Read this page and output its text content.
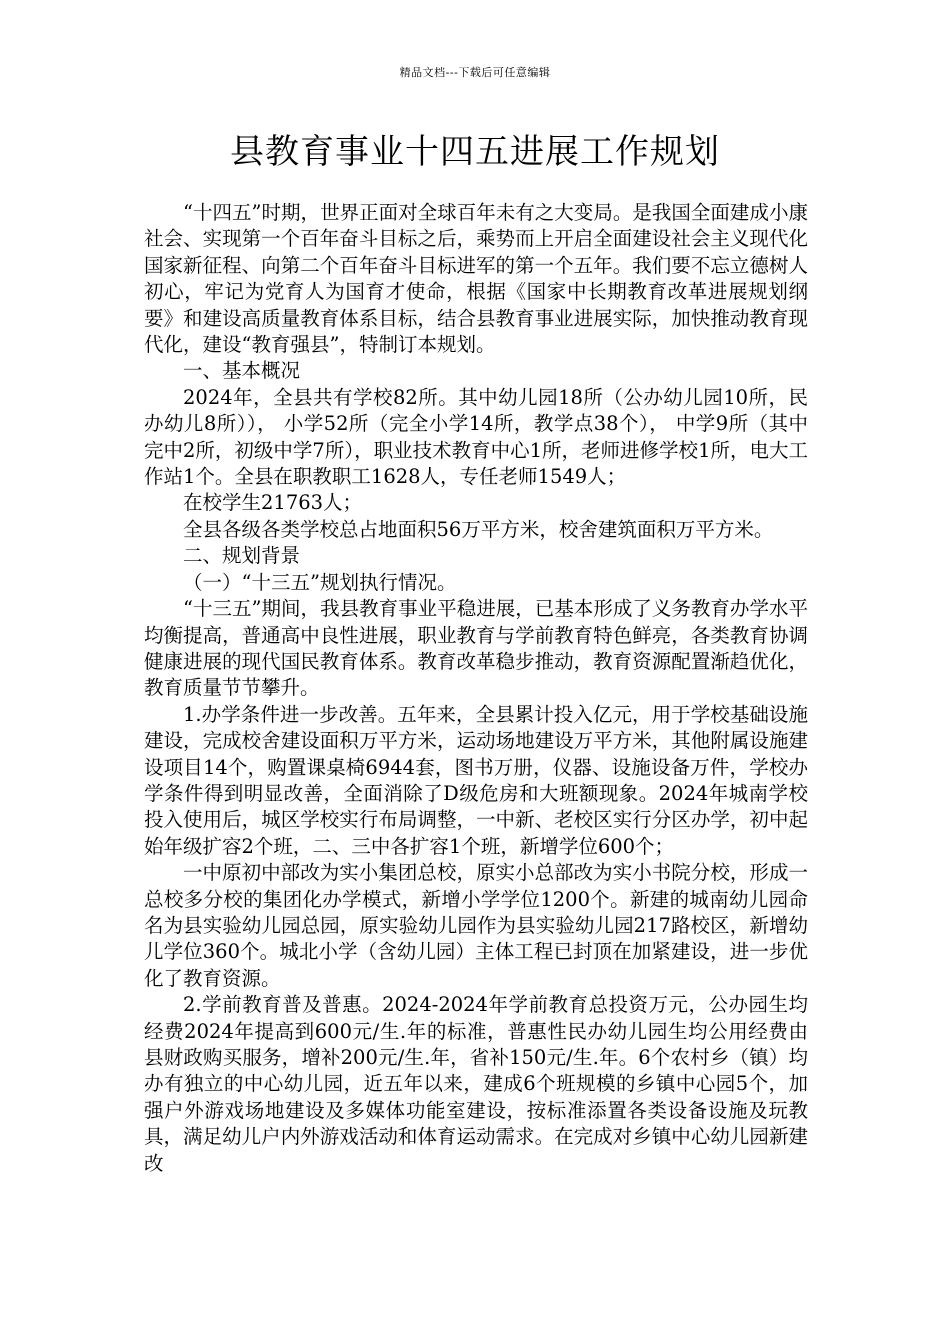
精品文档---下载后可任意编辑
县教育事业十四五进展工作规划

“十四五”时期，世界正面对全球百年未有之大变局。是我国全面建成小康社会、实现第一个百年奋斗目标之后，乘势而上开启全面建设社会主义现代化国家新征程、向第二个百年奋斗目标进军的第一个五年。我们要不忘立德树人初心，牢记为党育人为国育才使命，根据《国家中长期教育改革进展规划纲要》和建设高质量教育体系目标，结合县教育事业进展实际，加快推动教育现代化，建设“教育强县”，特制订本规划。

一、基本概况

2024年，全县共有学校82所。其中幼儿园18所（公办幼儿园10所，民办幼儿8所））， 小学52所（完全小学14所，教学点38个）， 中学9所（其中完中2所，初级中学7所），职业技术教育中心1所，老师进修学校1所，电大工作站1个。全县在职教职工1628人，专任老师1549人；

在校学生21763人；

全县各级各类学校总占地面积56万平方米，校舍建筑面积万平方米。

二、规划背景

（一）“十三五”规划执行情况。

“十三五”期间，我县教育事业平稳进展，已基本形成了义务教育办学水平均衡提高，普通高中良性进展，职业教育与学前教育特色鲜亮，各类教育协调健康进展的现代国民教育体系。教育改革稳步推动，教育资源配置渐趋优化，教育质量节节攀升。

1.办学条件进一步改善。五年来，全县累计投入亿元，用于学校基础设施建设，完成校舍建设面积万平方米，运动场地建设万平方米，其他附属设施建设项目14个，购置课桌椅6944套，图书万册，仪器、设施设备万件，学校办学条件得到明显改善，全面消除了D级危房和大班额现象。2024年城南学校投入使用后，城区学校实行布局调整，一中新、老校区实行分区办学，初中起始年级扩容2个班，二、三中各扩容1个班，新增学位600个；

一中原初中部改为实小集团总校，原实小总部改为实小书院分校，形成一总校多分校的集团化办学模式，新增小学学位1200个。新建的城南幼儿园命名为县实验幼儿园总园，原实验幼儿园作为县实验幼儿园217路校区，新增幼儿学位360个。城北小学（含幼儿园）主体工程已封顶在加紧建设，进一步优化了教育资源。

2.学前教育普及普惠。2024-2024年学前教育总投资万元，公办园生均经费2024年提高到600元/生.年的标准，普惠性民办幼儿园生均公用经费由县财政购买服务，增补200元/生.年，省补150元/生.年。6个农村乡（镇）均办有独立的中心幼儿园，近五年以来，建成6个班规模的乡镇中心园5个，加强户外游戏场地建设及多媒体功能室建设，按标准添置各类设备设施及玩教具，满足幼儿户内外游戏活动和体育运动需求。在完成对乡镇中心幼儿园新建改
